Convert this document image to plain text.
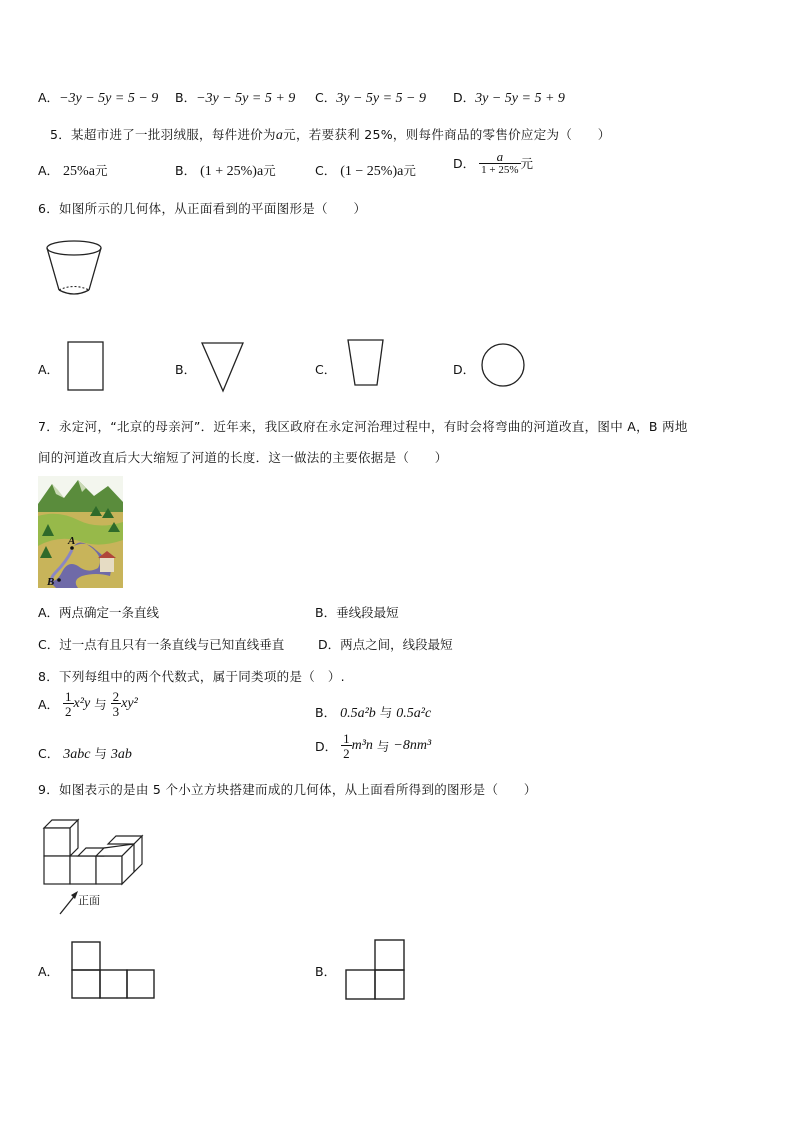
A．−3y − 5y = 5 − 9 B．−3y − 5y = 5 + 9 C．3y − 5y = 5 − 9 D．3y − 5y = 5 + 9
5．某超市进了一批羽绒服，每件进价为a元，若要获利 25%，则每件商品的零售价应定为（　　）
A． 25%a元	B． (1 + 25%)a元	C． (1 − 25%)a元	D． $\frac{a}{1 + 25\%}$ 元
6．如图所示的几何体，从正面看到的平面图形是（　　）
A．	B．	C．	D．
7．永定河，“北京的母亲河”．近年来，我区政府在永定河治理过程中，有时会将弯曲的河道改直，图中 A，B 两地
间的河道改直后大大缩短了河道的长度．这一做法的主要依据是（　　）
A
B
A．两点确定一条直线	B．垂线段最短
C．过一点有且只有一条直线与已知直线垂直	D．两点之间，线段最短
8．下列每组中的两个代数式，属于同类项的是（　）.
A． $\frac{1}{2} x^2y$ 与 $\frac{2}{3} xy^2$
B． 0.5a²b 与 0.5a²c
C． 3abc 与 3ab
D． $\frac{1}{2} m^3n$ 与 −8nm³
9．如图表示的是由 5 个小立方块搭建而成的几何体，从上面看所得到的图形是（　　）
正面
A．	B．
